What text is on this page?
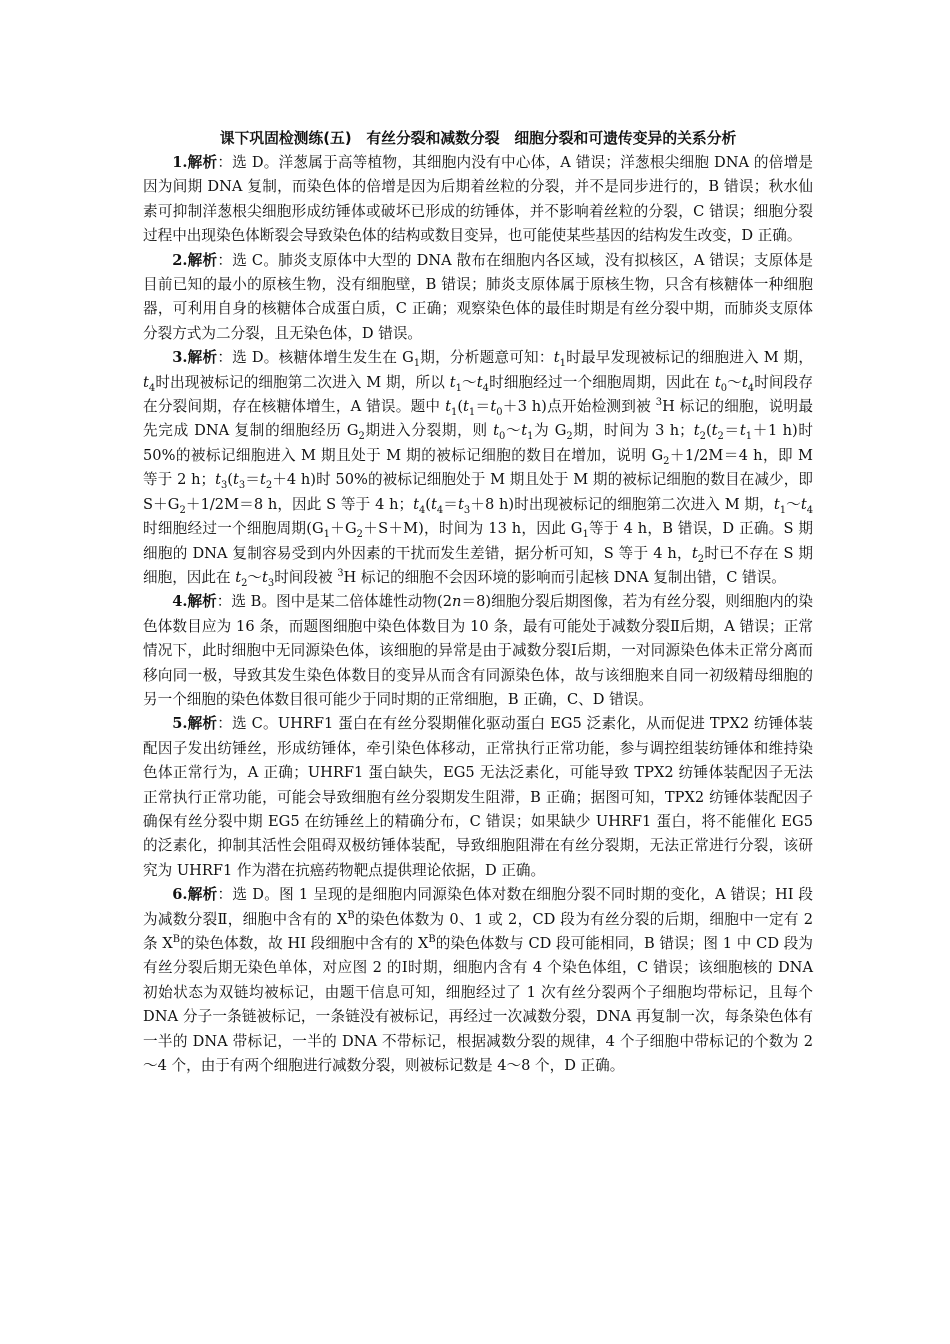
课下巩固检测练(五)　有丝分裂和减数分裂　细胞分裂和可遗传变异的关系分析

1.解析：选 D。洋葱属于高等植物，其细胞内没有中心体，A 错误；洋葱根尖细胞 DNA 的倍增是因为间期 DNA 复制，而染色体的倍增是因为后期着丝粒的分裂，并不是同步进行的，B 错误；秋水仙素可抑制洋葱根尖细胞形成纺锤体或破坏已形成的纺锤体，并不影响着丝粒的分裂，C 错误；细胞分裂过程中出现染色体断裂会导致染色体的结构或数目变异，也可能使某些基因的结构发生改变，D 正确。

2.解析：选 C。肺炎支原体中大型的 DNA 散布在细胞内各区域，没有拟核区，A 错误；支原体是目前已知的最小的原核生物，没有细胞壁，B 错误；肺炎支原体属于原核生物，只含有核糖体一种细胞器，可利用自身的核糖体合成蛋白质，C 正确；观察染色体的最佳时期是有丝分裂中期，而肺炎支原体分裂方式为二分裂，且无染色体，D 错误。

3.解析：选 D。核糖体增生发生在 $G_1$期，分析题意可知：$t_1$时最早发现被标记的细胞进入 M 期，$t_4$时出现被标记的细胞第二次进入 M 期，所以 $t_1\sim t_4$时细胞经过一个细胞周期，因此在 $t_0\sim t_4$时间段存在分裂间期，存在核糖体增生，A 错误。题中 $t_1(t_1=t_0+3$ h)点开始检测到被 $^3$H 标记的细胞，说明最先完成 DNA 复制的细胞经历 $G_2$期进入分裂期，则 $t_0\sim t_1$为 $G_2$期，时间为 3 h；$t_2(t_2=t_1+1$ h)时 50%的被标记细胞进入 M 期且处于 M 期的被标记细胞的数目在增加，说明 $G_2+1/2M=4$ h，即 M 等于 2 h；$t_3(t_3=t_2+4$ h)时 50%的被标记细胞处于 M 期且处于 M 期的被标记细胞的数目在减少，即 $S+G_2+1/2M=8$ h，因此 S 等于 4 h；$t_4(t_4=t_3+8$ h)时出现被标记的细胞第二次进入 M 期，$t_1\sim t_4$时细胞经过一个细胞周期$(G_1+G_2+S+M)$，时间为 13 h，因此 $G_1$等于 4 h，B 错误，D 正确。S 期细胞的 DNA 复制容易受到内外因素的干扰而发生差错，据分析可知，S 等于 4 h，$t_2$时已不存在 S 期细胞，因此在 $t_2\sim t_3$时间段被 $^3$H 标记的细胞不会因环境的影响而引起核 DNA 复制出错，C 错误。

4.解析：选 B。图中是某二倍体雄性动物(2n＝8)细胞分裂后期图像，若为有丝分裂，则细胞内的染色体数目应为 16 条，而题图细胞中染色体数目为 10 条，最有可能处于减数分裂Ⅱ后期，A 错误；正常情况下，此时细胞中无同源染色体，该细胞的异常是由于减数分裂Ⅰ后期，一对同源染色体未正常分离而移向同一极，导致其发生染色体数目的变异从而含有同源染色体，故与该细胞来自同一初级精母细胞的另一个细胞的染色体数目很可能少于同时期的正常细胞，B 正确，C、D 错误。

5.解析：选 C。UHRF1 蛋白在有丝分裂期催化驱动蛋白 EG5 泛素化，从而促进 TPX2 纺锤体装配因子发出纺锤丝，形成纺锤体，牵引染色体移动，正常执行正常功能，参与调控组装纺锤体和维持染色体正常行为，A 正确；UHRF1 蛋白缺失，EG5 无法泛素化，可能导致 TPX2 纺锤体装配因子无法正常执行正常功能，可能会导致细胞有丝分裂期发生阻滞，B 正确；据图可知，TPX2 纺锤体装配因子确保有丝分裂中期 EG5 在纺锤丝上的精确分布，C 错误；如果缺少 UHRF1 蛋白，将不能催化 EG5 的泛素化，抑制其活性会阻碍双极纺锤体装配，导致细胞阻滞在有丝分裂期，无法正常进行分裂，该研究为 UHRF1 作为潜在抗癌药物靶点提供理论依据，D 正确。

6.解析：选 D。图 1 呈现的是细胞内同源染色体对数在细胞分裂不同时期的变化，A 错误；HI 段为减数分裂Ⅱ，细胞中含有的 $X^B$的染色体数为 0、1 或 2，CD 段为有丝分裂的后期，细胞中一定有 2 条 $X^B$的染色体数，故 HI 段细胞中含有的 $X^B$的染色体数与 CD 段可能相同，B 错误；图 1 中 CD 段为有丝分裂后期无染色单体，对应图 2 的Ⅰ时期，细胞内含有 4 个染色体组，C 错误；该细胞核的 DNA 初始状态为双链均被标记，由题干信息可知，细胞经过了 1 次有丝分裂两个子细胞均带标记，且每个 DNA 分子一条链被标记，一条链没有被标记，再经过一次减数分裂，DNA 再复制一次，每条染色体有一半的 DNA 带标记，一半的 DNA 不带标记，根据减数分裂的规律，4 个子细胞中带标记的个数为 2～4 个，由于有两个细胞进行减数分裂，则被标记数是 4～8 个，D 正确。
